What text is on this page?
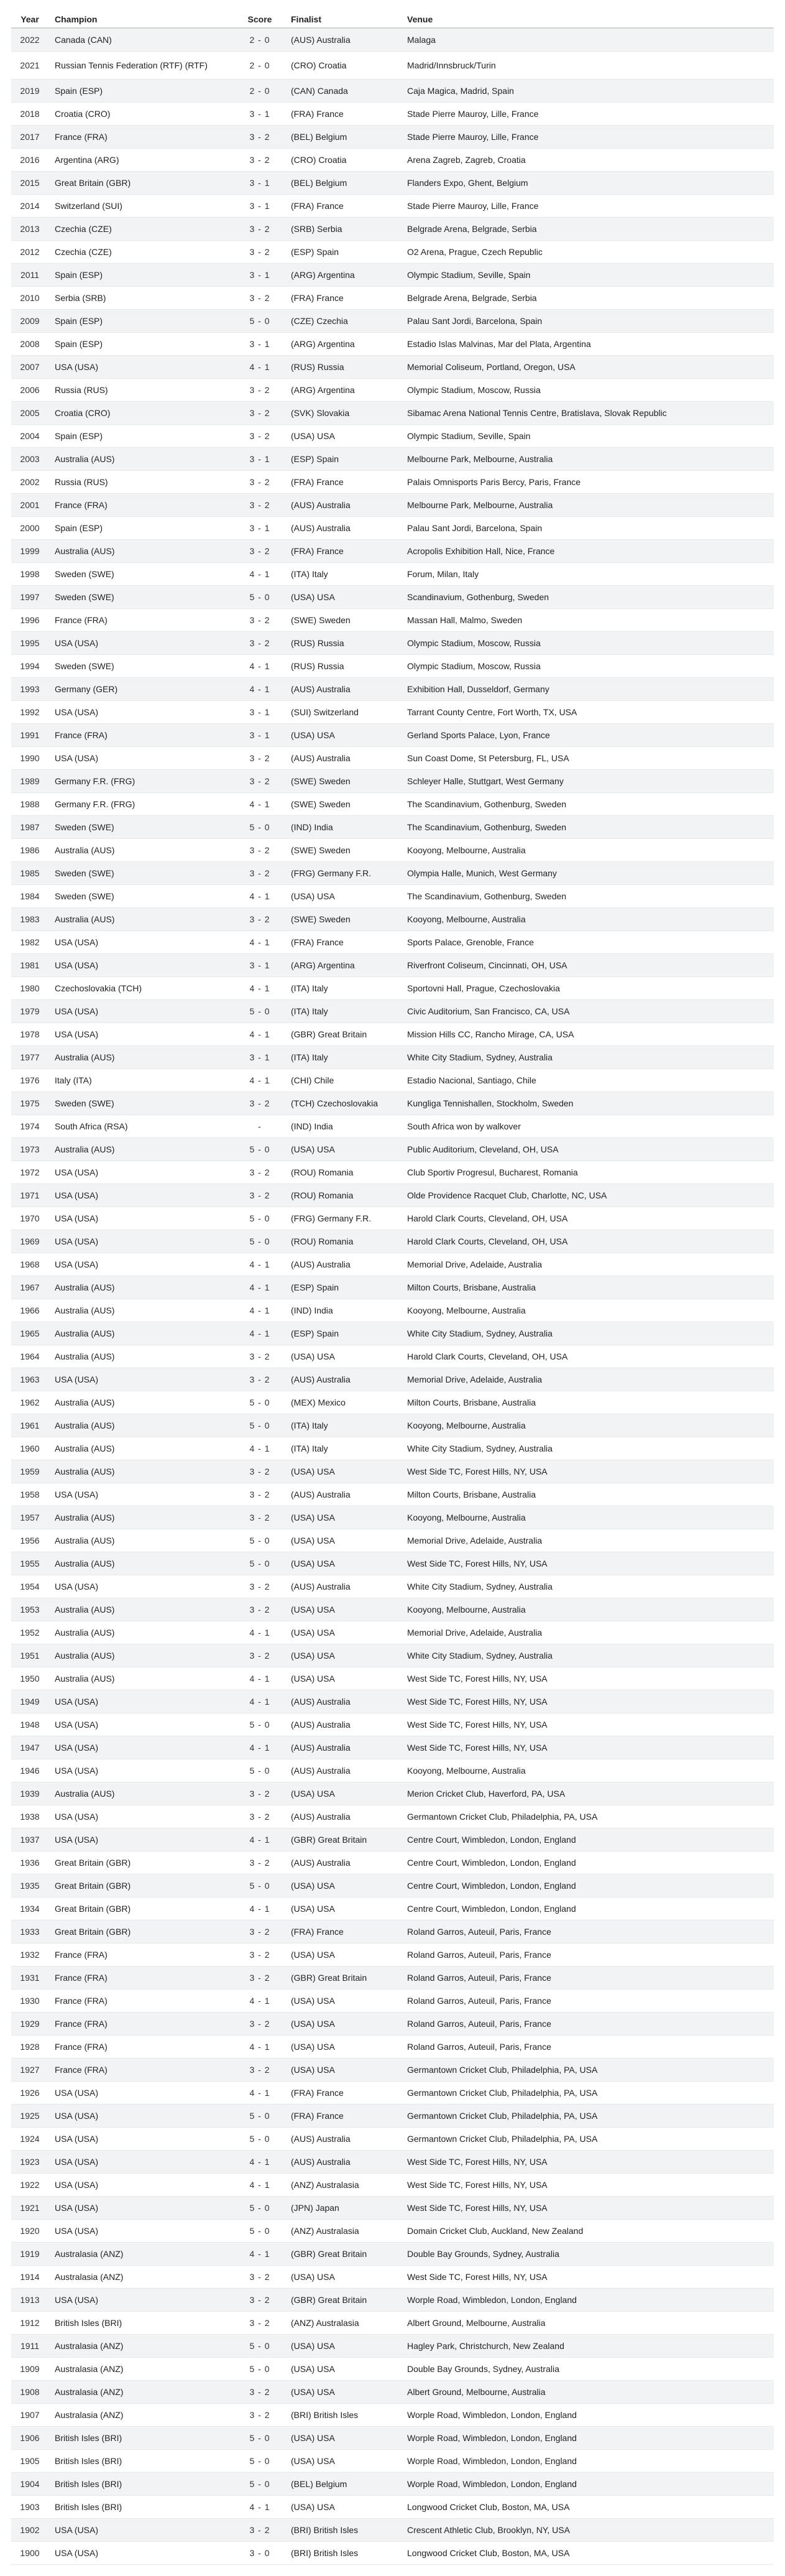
Year	Champion	Score	Finalist	Venue
2022	Canada (CAN)	2 - 0	(AUS) Australia	Malaga
2021	Russian Tennis Federation (RTF) (RTF)	2 - 0	(CRO) Croatia	Madrid/Innsbruck/Turin
2019	Spain (ESP)	2 - 0	(CAN) Canada	Caja Magica, Madrid, Spain
2018	Croatia (CRO)	3 - 1	(FRA) France	Stade Pierre Mauroy, Lille, France
2017	France (FRA)	3 - 2	(BEL) Belgium	Stade Pierre Mauroy, Lille, France
2016	Argentina (ARG)	3 - 2	(CRO) Croatia	Arena Zagreb, Zagreb, Croatia
2015	Great Britain (GBR)	3 - 1	(BEL) Belgium	Flanders Expo, Ghent, Belgium
2014	Switzerland (SUI)	3 - 1	(FRA) France	Stade Pierre Mauroy, Lille, France
2013	Czechia (CZE)	3 - 2	(SRB) Serbia	Belgrade Arena, Belgrade, Serbia
2012	Czechia (CZE)	3 - 2	(ESP) Spain	O2 Arena, Prague, Czech Republic
2011	Spain (ESP)	3 - 1	(ARG) Argentina	Olympic Stadium, Seville, Spain
2010	Serbia (SRB)	3 - 2	(FRA) France	Belgrade Arena, Belgrade, Serbia
2009	Spain (ESP)	5 - 0	(CZE) Czechia	Palau Sant Jordi, Barcelona, Spain
2008	Spain (ESP)	3 - 1	(ARG) Argentina	Estadio Islas Malvinas, Mar del Plata, Argentina
2007	USA (USA)	4 - 1	(RUS) Russia	Memorial Coliseum, Portland, Oregon, USA
2006	Russia (RUS)	3 - 2	(ARG) Argentina	Olympic Stadium, Moscow, Russia
2005	Croatia (CRO)	3 - 2	(SVK) Slovakia	Sibamac Arena National Tennis Centre, Bratislava, Slovak Republic
2004	Spain (ESP)	3 - 2	(USA) USA	Olympic Stadium, Seville, Spain
2003	Australia (AUS)	3 - 1	(ESP) Spain	Melbourne Park, Melbourne, Australia
2002	Russia (RUS)	3 - 2	(FRA) France	Palais Omnisports Paris Bercy, Paris, France
2001	France (FRA)	3 - 2	(AUS) Australia	Melbourne Park, Melbourne, Australia
2000	Spain (ESP)	3 - 1	(AUS) Australia	Palau Sant Jordi, Barcelona, Spain
1999	Australia (AUS)	3 - 2	(FRA) France	Acropolis Exhibition Hall, Nice, France
1998	Sweden (SWE)	4 - 1	(ITA) Italy	Forum, Milan, Italy
1997	Sweden (SWE)	5 - 0	(USA) USA	Scandinavium, Gothenburg, Sweden
1996	France (FRA)	3 - 2	(SWE) Sweden	Massan Hall, Malmo, Sweden
1995	USA (USA)	3 - 2	(RUS) Russia	Olympic Stadium, Moscow, Russia
1994	Sweden (SWE)	4 - 1	(RUS) Russia	Olympic Stadium, Moscow, Russia
1993	Germany (GER)	4 - 1	(AUS) Australia	Exhibition Hall, Dusseldorf, Germany
1992	USA (USA)	3 - 1	(SUI) Switzerland	Tarrant County Centre, Fort Worth, TX, USA
1991	France (FRA)	3 - 1	(USA) USA	Gerland Sports Palace, Lyon, France
1990	USA (USA)	3 - 2	(AUS) Australia	Sun Coast Dome, St Petersburg, FL, USA
1989	Germany F.R. (FRG)	3 - 2	(SWE) Sweden	Schleyer Halle, Stuttgart, West Germany
1988	Germany F.R. (FRG)	4 - 1	(SWE) Sweden	The Scandinavium, Gothenburg, Sweden
1987	Sweden (SWE)	5 - 0	(IND) India	The Scandinavium, Gothenburg, Sweden
1986	Australia (AUS)	3 - 2	(SWE) Sweden	Kooyong, Melbourne, Australia
1985	Sweden (SWE)	3 - 2	(FRG) Germany F.R.	Olympia Halle, Munich, West Germany
1984	Sweden (SWE)	4 - 1	(USA) USA	The Scandinavium, Gothenburg, Sweden
1983	Australia (AUS)	3 - 2	(SWE) Sweden	Kooyong, Melbourne, Australia
1982	USA (USA)	4 - 1	(FRA) France	Sports Palace, Grenoble, France
1981	USA (USA)	3 - 1	(ARG) Argentina	Riverfront Coliseum, Cincinnati, OH, USA
1980	Czechoslovakia (TCH)	4 - 1	(ITA) Italy	Sportovni Hall, Prague, Czechoslovakia
1979	USA (USA)	5 - 0	(ITA) Italy	Civic Auditorium, San Francisco, CA, USA
1978	USA (USA)	4 - 1	(GBR) Great Britain	Mission Hills CC, Rancho Mirage, CA, USA
1977	Australia (AUS)	3 - 1	(ITA) Italy	White City Stadium, Sydney, Australia
1976	Italy (ITA)	4 - 1	(CHI) Chile	Estadio Nacional, Santiago, Chile
1975	Sweden (SWE)	3 - 2	(TCH) Czechoslovakia	Kungliga Tennishallen, Stockholm, Sweden
1974	South Africa (RSA)	-	(IND) India	South Africa won by walkover
1973	Australia (AUS)	5 - 0	(USA) USA	Public Auditorium, Cleveland, OH, USA
1972	USA (USA)	3 - 2	(ROU) Romania	Club Sportiv Progresul, Bucharest, Romania
1971	USA (USA)	3 - 2	(ROU) Romania	Olde Providence Racquet Club, Charlotte, NC, USA
1970	USA (USA)	5 - 0	(FRG) Germany F.R.	Harold Clark Courts, Cleveland, OH, USA
1969	USA (USA)	5 - 0	(ROU) Romania	Harold Clark Courts, Cleveland, OH, USA
1968	USA (USA)	4 - 1	(AUS) Australia	Memorial Drive, Adelaide, Australia
1967	Australia (AUS)	4 - 1	(ESP) Spain	Milton Courts, Brisbane, Australia
1966	Australia (AUS)	4 - 1	(IND) India	Kooyong, Melbourne, Australia
1965	Australia (AUS)	4 - 1	(ESP) Spain	White City Stadium, Sydney, Australia
1964	Australia (AUS)	3 - 2	(USA) USA	Harold Clark Courts, Cleveland, OH, USA
1963	USA (USA)	3 - 2	(AUS) Australia	Memorial Drive, Adelaide, Australia
1962	Australia (AUS)	5 - 0	(MEX) Mexico	Milton Courts, Brisbane, Australia
1961	Australia (AUS)	5 - 0	(ITA) Italy	Kooyong, Melbourne, Australia
1960	Australia (AUS)	4 - 1	(ITA) Italy	White City Stadium, Sydney, Australia
1959	Australia (AUS)	3 - 2	(USA) USA	West Side TC, Forest Hills, NY, USA
1958	USA (USA)	3 - 2	(AUS) Australia	Milton Courts, Brisbane, Australia
1957	Australia (AUS)	3 - 2	(USA) USA	Kooyong, Melbourne, Australia
1956	Australia (AUS)	5 - 0	(USA) USA	Memorial Drive, Adelaide, Australia
1955	Australia (AUS)	5 - 0	(USA) USA	West Side TC, Forest Hills, NY, USA
1954	USA (USA)	3 - 2	(AUS) Australia	White City Stadium, Sydney, Australia
1953	Australia (AUS)	3 - 2	(USA) USA	Kooyong, Melbourne, Australia
1952	Australia (AUS)	4 - 1	(USA) USA	Memorial Drive, Adelaide, Australia
1951	Australia (AUS)	3 - 2	(USA) USA	White City Stadium, Sydney, Australia
1950	Australia (AUS)	4 - 1	(USA) USA	West Side TC, Forest Hills, NY, USA
1949	USA (USA)	4 - 1	(AUS) Australia	West Side TC, Forest Hills, NY, USA
1948	USA (USA)	5 - 0	(AUS) Australia	West Side TC, Forest Hills, NY, USA
1947	USA (USA)	4 - 1	(AUS) Australia	West Side TC, Forest Hills, NY, USA
1946	USA (USA)	5 - 0	(AUS) Australia	Kooyong, Melbourne, Australia
1939	Australia (AUS)	3 - 2	(USA) USA	Merion Cricket Club, Haverford, PA, USA
1938	USA (USA)	3 - 2	(AUS) Australia	Germantown Cricket Club, Philadelphia, PA, USA
1937	USA (USA)	4 - 1	(GBR) Great Britain	Centre Court, Wimbledon, London, England
1936	Great Britain (GBR)	3 - 2	(AUS) Australia	Centre Court, Wimbledon, London, England
1935	Great Britain (GBR)	5 - 0	(USA) USA	Centre Court, Wimbledon, London, England
1934	Great Britain (GBR)	4 - 1	(USA) USA	Centre Court, Wimbledon, London, England
1933	Great Britain (GBR)	3 - 2	(FRA) France	Roland Garros, Auteuil, Paris, France
1932	France (FRA)	3 - 2	(USA) USA	Roland Garros, Auteuil, Paris, France
1931	France (FRA)	3 - 2	(GBR) Great Britain	Roland Garros, Auteuil, Paris, France
1930	France (FRA)	4 - 1	(USA) USA	Roland Garros, Auteuil, Paris, France
1929	France (FRA)	3 - 2	(USA) USA	Roland Garros, Auteuil, Paris, France
1928	France (FRA)	4 - 1	(USA) USA	Roland Garros, Auteuil, Paris, France
1927	France (FRA)	3 - 2	(USA) USA	Germantown Cricket Club, Philadelphia, PA, USA
1926	USA (USA)	4 - 1	(FRA) France	Germantown Cricket Club, Philadelphia, PA, USA
1925	USA (USA)	5 - 0	(FRA) France	Germantown Cricket Club, Philadelphia, PA, USA
1924	USA (USA)	5 - 0	(AUS) Australia	Germantown Cricket Club, Philadelphia, PA, USA
1923	USA (USA)	4 - 1	(AUS) Australia	West Side TC, Forest Hills, NY, USA
1922	USA (USA)	4 - 1	(ANZ) Australasia	West Side TC, Forest Hills, NY, USA
1921	USA (USA)	5 - 0	(JPN) Japan	West Side TC, Forest Hills, NY, USA
1920	USA (USA)	5 - 0	(ANZ) Australasia	Domain Cricket Club, Auckland, New Zealand
1919	Australasia (ANZ)	4 - 1	(GBR) Great Britain	Double Bay Grounds, Sydney, Australia
1914	Australasia (ANZ)	3 - 2	(USA) USA	West Side TC, Forest Hills, NY, USA
1913	USA (USA)	3 - 2	(GBR) Great Britain	Worple Road, Wimbledon, London, England
1912	British Isles (BRI)	3 - 2	(ANZ) Australasia	Albert Ground, Melbourne, Australia
1911	Australasia (ANZ)	5 - 0	(USA) USA	Hagley Park, Christchurch, New Zealand
1909	Australasia (ANZ)	5 - 0	(USA) USA	Double Bay Grounds, Sydney, Australia
1908	Australasia (ANZ)	3 - 2	(USA) USA	Albert Ground, Melbourne, Australia
1907	Australasia (ANZ)	3 - 2	(BRI) British Isles	Worple Road, Wimbledon, London, England
1906	British Isles (BRI)	5 - 0	(USA) USA	Worple Road, Wimbledon, London, England
1905	British Isles (BRI)	5 - 0	(USA) USA	Worple Road, Wimbledon, London, England
1904	British Isles (BRI)	5 - 0	(BEL) Belgium	Worple Road, Wimbledon, London, England
1903	British Isles (BRI)	4 - 1	(USA) USA	Longwood Cricket Club, Boston, MA, USA
1902	USA (USA)	3 - 2	(BRI) British Isles	Crescent Athletic Club, Brooklyn, NY, USA
1900	USA (USA)	3 - 0	(BRI) British Isles	Longwood Cricket Club, Boston, MA, USA
